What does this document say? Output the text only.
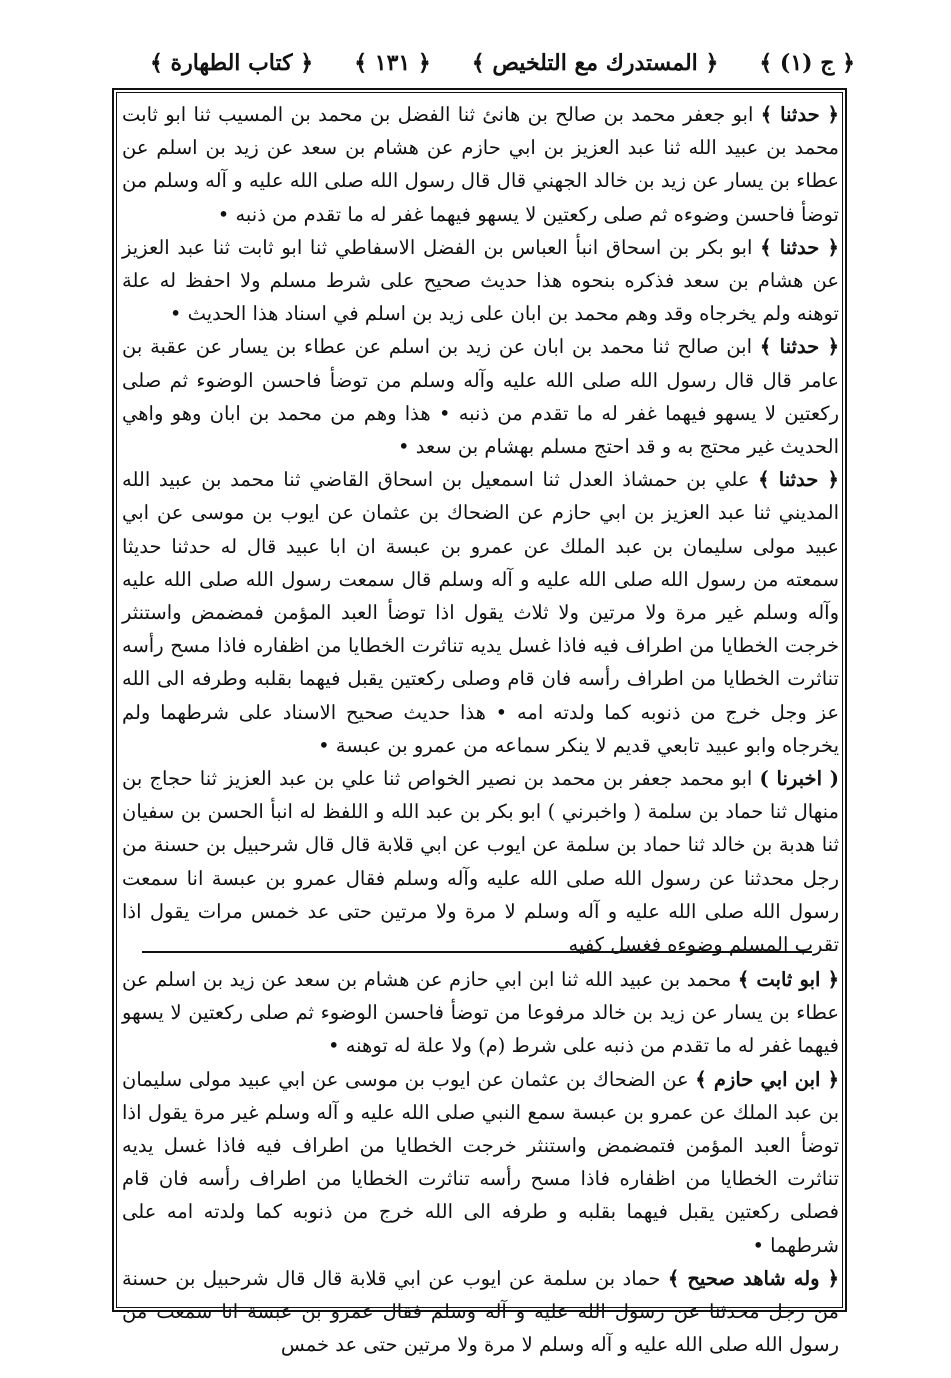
﴿ ج (١) ﴾
﴿ المستدرك مع التلخيص ﴾
﴿ ١٣١ ﴾
﴿ كتاب الطهارة ﴾

﴿ حدثنا ﴾ ابو جعفر محمد بن صالح بن هانئ ثنا الفضل بن محمد بن المسيب ثنا ابو ثابت محمد بن عبيد الله ثنا عبد العزيز بن ابي حازم عن هشام بن سعد عن زيد بن اسلم عن عطاء بن يسار عن زيد بن خالد الجهني قال قال رسول الله صلى الله عليه و آله وسلم من توضأ فاحسن وضوءه ثم صلى ركعتين لا يسهو فيهما غفر له ما تقدم من ذنبه •

﴿ حدثنا ﴾ ابو بكر بن اسحاق انبأ العباس بن الفضل الاسفاطي ثنا ابو ثابت ثنا عبد العزيز عن هشام بن سعد فذكره بنحوه هذا حديث صحيح على شرط مسلم ولا احفظ له علة توهنه ولم يخرجاه وقد وهم محمد بن ابان على زيد بن اسلم في اسناد هذا الحديث •

﴿ حدثنا ﴾ ابن صالح ثنا محمد بن ابان عن زيد بن اسلم عن عطاء بن يسار عن عقبة بن عامر قال قال رسول الله صلى الله عليه وآله وسلم من توضأ فاحسن الوضوء ثم صلى ركعتين لا يسهو فيهما غفر له ما تقدم من ذنبه • هذا وهم من محمد بن ابان وهو واهي الحديث غير محتج به و قد احتج مسلم بهشام بن سعد •

﴿ حدثنا ﴾ علي بن حمشاذ العدل ثنا اسمعيل بن اسحاق القاضي ثنا محمد بن عبيد الله المديني ثنا عبد العزيز بن ابي حازم عن الضحاك بن عثمان عن ايوب بن موسى عن ابي عبيد مولى سليمان بن عبد الملك عن عمرو بن عبسة ان ابا عبيد قال له حدثنا حديثا سمعته من رسول الله صلى الله عليه و آله وسلم قال سمعت رسول الله صلى الله عليه وآله وسلم غير مرة ولا مرتين ولا ثلاث يقول اذا توضأ العبد المؤمن فمضمض واستنثر خرجت الخطايا من اطراف فيه فاذا غسل يديه تناثرت الخطايا من اظفاره فاذا مسح رأسه تناثرت الخطايا من اطراف رأسه فان قام وصلى ركعتين يقبل فيهما بقلبه وطرفه الى الله عز وجل خرج من ذنوبه كما ولدته امه • هذا حديث صحيح الاسناد على شرطهما ولم يخرجاه وابو عبيد تابعي قديم لا ينكر سماعه من عمرو بن عبسة •

( اخبرنا ) ابو محمد جعفر بن محمد بن نصير الخواص ثنا علي بن عبد العزيز ثنا حجاج بن منهال ثنا حماد بن سلمة ( واخبرني ) ابو بكر بن عبد الله و اللفظ له انبأ الحسن بن سفيان ثنا هدبة بن خالد ثنا حماد بن سلمة عن ايوب عن ابي قلابة قال قال شرحبيل بن حسنة من رجل محدثنا عن رسول الله صلى الله عليه وآله وسلم فقال عمرو بن عبسة انا سمعت رسول الله صلى الله عليه و آله وسلم لا مرة ولا مرتين حتى عد خمس مرات يقول اذا تقرب المسلم وضوءه فغسل كفيه

﴿ ابو ثابت ﴾ محمد بن عبيد الله ثنا ابن ابي حازم عن هشام بن سعد عن زيد بن اسلم عن عطاء بن يسار عن زيد بن خالد مرفوعا من توضأ فاحسن الوضوء ثم صلى ركعتين لا يسهو فيهما غفر له ما تقدم من ذنبه على شرط (م) ولا علة له توهنه •

﴿ ابن ابي حازم ﴾ عن الضحاك بن عثمان عن ايوب بن موسى عن ابي عبيد مولى سليمان بن عبد الملك عن عمرو بن عبسة سمع النبي صلى الله عليه و آله وسلم غير مرة يقول اذا توضأ العبد المؤمن فتمضمض واستنثر خرجت الخطايا من اطراف فيه فاذا غسل يديه تناثرت الخطايا من اظفاره فاذا مسح رأسه تناثرت الخطايا من اطراف رأسه فان قام فصلى ركعتين يقبل فيهما بقلبه و طرفه الى الله خرج من ذنوبه كما ولدته امه على شرطهما •

﴿ وله شاهد صحيح ﴾ حماد بن سلمة عن ايوب عن ابي قلابة قال قال شرحبيل بن حسنة من رجل محدثنا عن رسول الله عليه و آله وسلم فقال عمرو بن عبسة انا سمعت من رسول الله صلى الله عليه و آله وسلم لا مرة ولا مرتين حتى عد خمس
